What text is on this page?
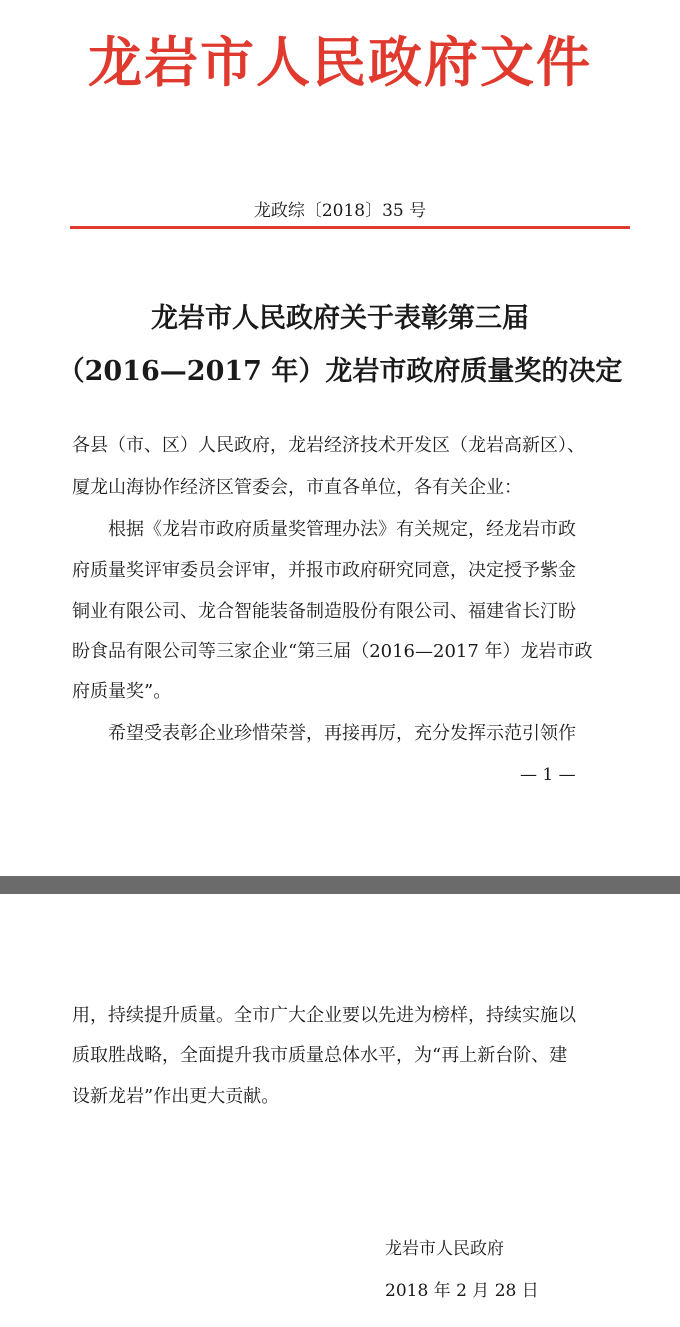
龙岩市人民政府文件
龙政综〔2018〕35 号
龙岩市人民政府关于表彰第三届
（2016—2017 年）龙岩市政府质量奖的决定
各县（市、区）人民政府，龙岩经济技术开发区（龙岩高新区）、
厦龙山海协作经济区管委会，市直各单位，各有关企业：
　　根据《龙岩市政府质量奖管理办法》有关规定，经龙岩市政
府质量奖评审委员会评审，并报市政府研究同意，决定授予紫金
铜业有限公司、龙合智能装备制造股份有限公司、福建省长汀盼
盼食品有限公司等三家企业“第三届（2016—2017 年）龙岩市政
府质量奖”。
　　希望受表彰企业珍惜荣誉，再接再厉，充分发挥示范引领作
— 1 —
用，持续提升质量。全市广大企业要以先进为榜样，持续实施以
质取胜战略，全面提升我市质量总体水平，为“再上新台阶、建
设新龙岩”作出更大贡献。
龙岩市人民政府
2018 年 2 月 28 日
